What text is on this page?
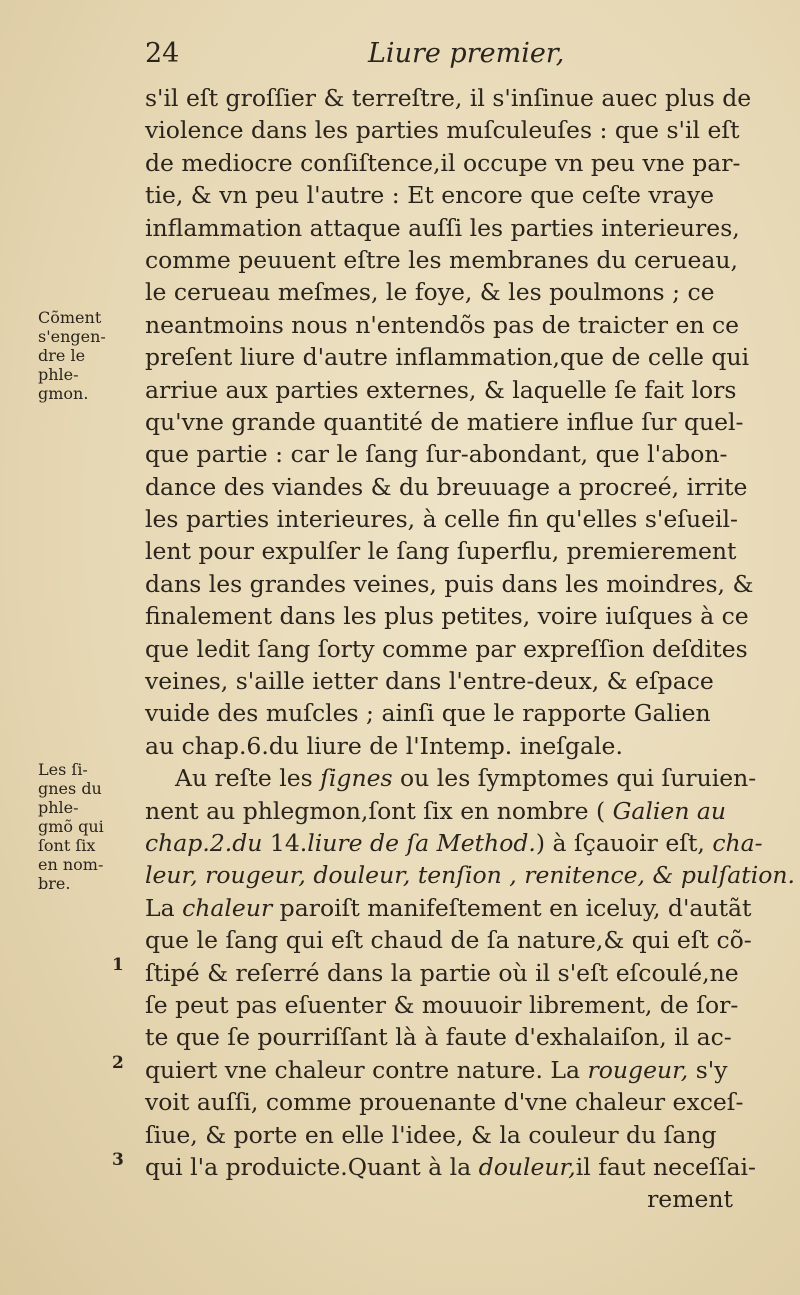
24	Liure premier,
Cõment
s'engen-
dre le
phle-
gmon.
Les ſi-
gnes du
phle-
gmõ qui
ſont ſix
en nom-
bre.
1
2
3
s'il eſt groſſier & terreſtre, il s'inſinue auec plus de
violence dans les parties muſculeuſes : que s'il eſt
de mediocre conſiſtence,il occupe vn peu vne par-
tie, & vn peu l'autre : Et encore que ceſte vraye
inflammation attaque auſſi les parties interieures,
comme peuuent eſtre les membranes du cerueau,
le cerueau meſmes, le foye, & les poulmons ; ce
neantmoins nous n'entendõs pas de traicter en ce
preſent liure d'autre inflammation,que de celle qui
arriue aux parties externes, & laquelle ſe fait lors
qu'vne grande quantité de matiere influe ſur quel-
que partie : car le ſang ſur-abondant, que l'abon-
dance des viandes & du breuuage a procreé, irrite
les parties interieures, à celle fin qu'elles s'eſueil-
lent pour expulſer le ſang ſuperflu, premierement
dans les grandes veines, puis dans les moindres, &
finalement dans les plus petites, voire iuſques à ce
que ledit ſang ſorty comme par expreſſion deſdites
veines, s'aille ietter dans l'entre-deux, & eſpace
vuide des muſcles ; ainſi que le rapporte Galien
au chap.6.du liure de l'Intemp. ineſgale.
Au reſte les ſignes ou les ſymptomes qui ſuruien-
nent au phlegmon,ſont ſix en nombre ( Galien au
chap.2.du 14.liure de ſa Method.) à ſçauoir eſt, cha-
leur, rougeur, douleur, tenſion , renitence, & pulſation.
La chaleur paroiſt manifeſtement en iceluy, d'autãt
que le ſang qui eſt chaud de ſa nature,& qui eſt cõ-
ſtipé & reſerré dans la partie où il s'eſt eſcoulé,ne
ſe peut pas eſuenter & mouuoir librement, de ſor-
te que ſe pourriſſant là à faute d'exhalaiſon, il ac-
quiert vne chaleur contre nature. La rougeur, s'y
voit auſſi, comme prouenante d'vne chaleur exceſ-
ſiue, & porte en elle l'idee, & la couleur du ſang
qui l'a produicte.Quant à la douleur,il faut neceſſai-
rement
